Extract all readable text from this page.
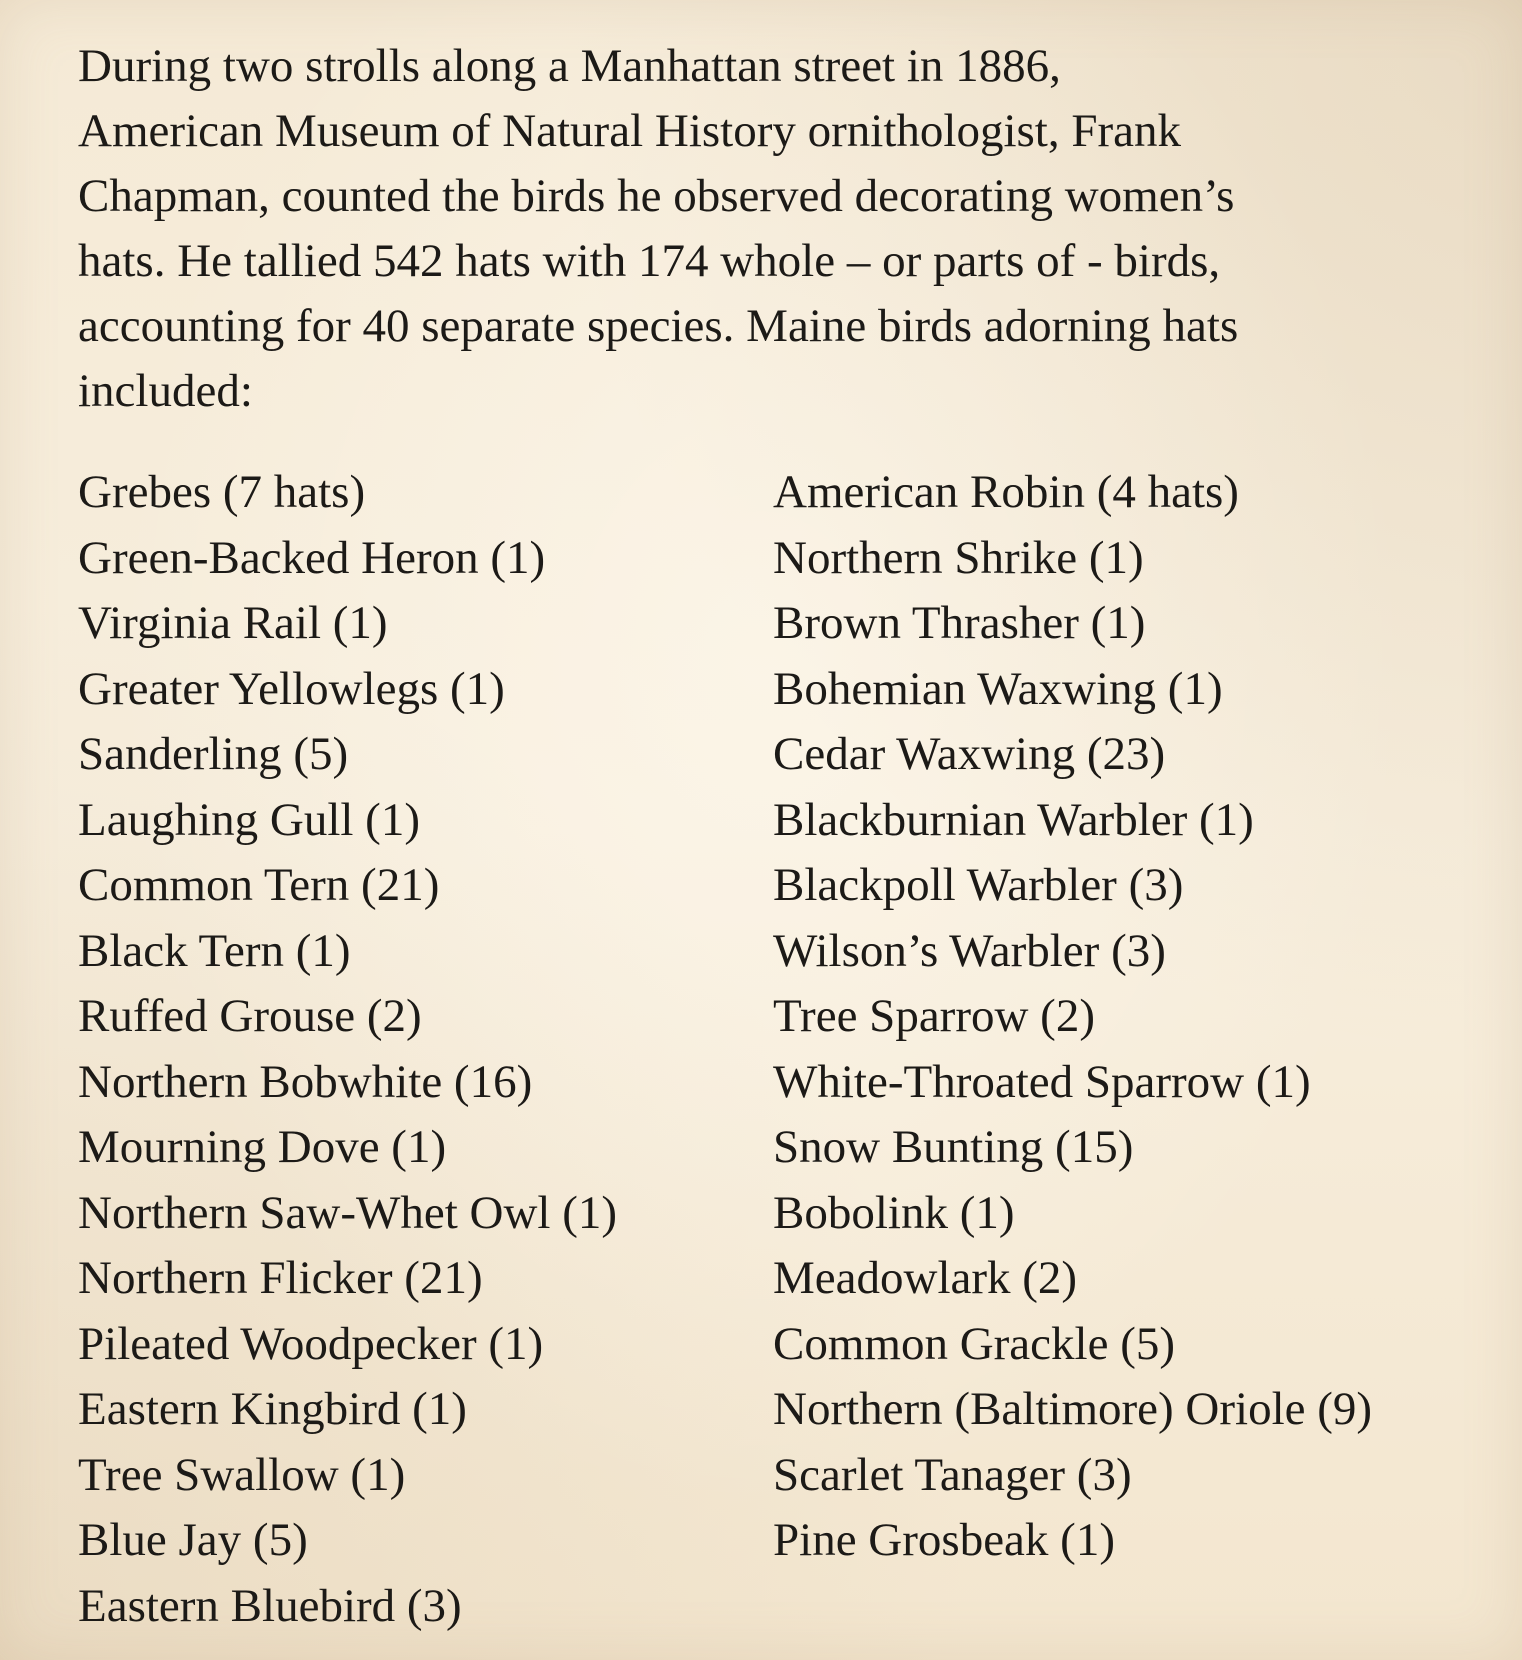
During two strolls along a Manhattan street in 1886,
American Museum of Natural History ornithologist, Frank
Chapman, counted the birds he observed decorating women’s
hats. He tallied 542 hats with 174 whole – or parts of - birds,
accounting for 40 separate species. Maine birds adorning hats
included:

Grebes (7 hats)
Green-Backed Heron (1)
Virginia Rail (1)
Greater Yellowlegs (1)
Sanderling (5)
Laughing Gull (1)
Common Tern (21)
Black Tern (1)
Ruffed Grouse (2)
Northern Bobwhite (16)
Mourning Dove (1)
Northern Saw-Whet Owl (1)
Northern Flicker (21)
Pileated Woodpecker (1)
Eastern Kingbird (1)
Tree Swallow (1)
Blue Jay (5)
Eastern Bluebird (3)
American Robin (4 hats)
Northern Shrike (1)
Brown Thrasher (1)
Bohemian Waxwing (1)
Cedar Waxwing (23)
Blackburnian Warbler (1)
Blackpoll Warbler (3)
Wilson’s Warbler (3)
Tree Sparrow (2)
White-Throated Sparrow (1)
Snow Bunting (15)
Bobolink (1)
Meadowlark (2)
Common Grackle (5)
Northern (Baltimore) Oriole (9)
Scarlet Tanager (3)
Pine Grosbeak (1)
